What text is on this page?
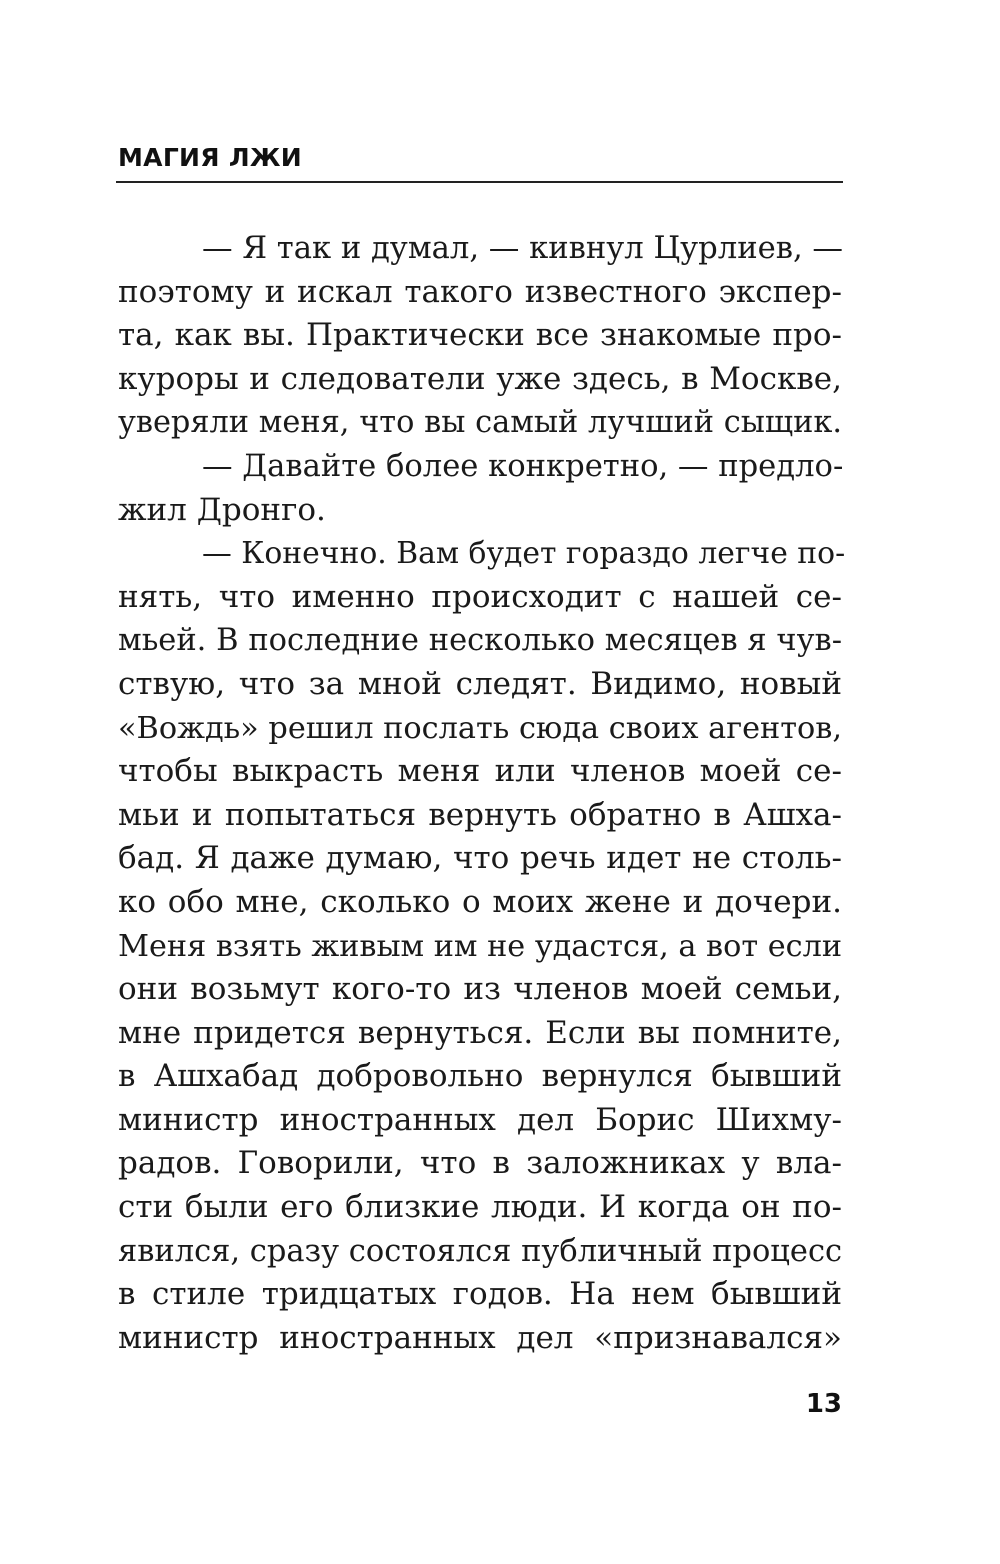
МАГИЯ ЛЖИ
— Я так и думал, — кивнул Цурлиев, —
поэтому и искал такого известного экспер-
та, как вы. Практически все знакомые про-
куроры и следователи уже здесь, в Москве,
уверяли меня, что вы самый лучший сыщик.
— Давайте более конкретно, — предло-
жил Дронго.
— Конечно. Вам будет гораздо легче по-
нять, что именно происходит с нашей се-
мьей. В последние несколько месяцев я чув-
ствую, что за мной следят. Видимо, новый
«Вождь» решил послать сюда своих агентов,
чтобы выкрасть меня или членов моей се-
мьи и попытаться вернуть обратно в Ашха-
бад. Я даже думаю, что речь идет не столь-
ко обо мне, сколько о моих жене и дочери.
Меня взять живым им не удастся, а вот если
они возьмут кого-то из членов моей семьи,
мне придется вернуться. Если вы помните,
в Ашхабад добровольно вернулся бывший
министр иностранных дел Борис Шихму-
радов. Говорили, что в заложниках у вла-
сти были его близкие люди. И когда он по-
явился, сразу состоялся публичный процесс
в стиле тридцатых годов. На нем бывший
министр иностранных дел «признавался»
13
